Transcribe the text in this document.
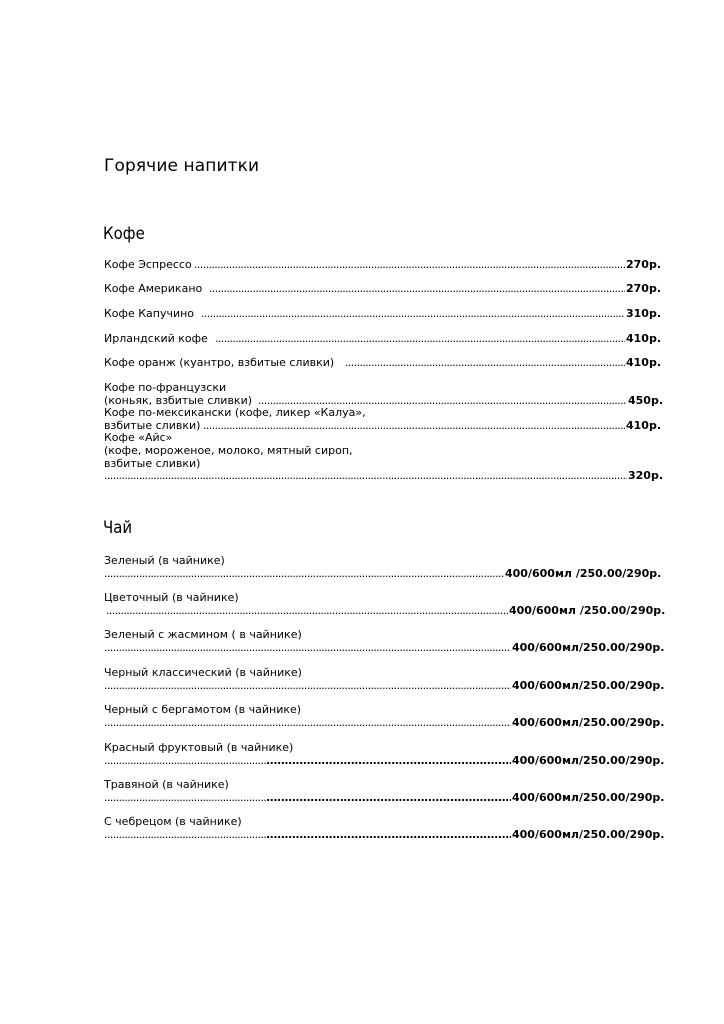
Горячие напитки
Кофе
Кофе Эспрессо .....	270р.
Кофе Американо .....	270р.
Кофе Капучино .....	310р.
Ирландский кофе .....	410р.
Кофе оранж (куантро, взбитые сливки) .....	410р.
Кофе по-французски
(коньяк, взбитые сливки) .....	450р.
Кофе по-мексикански (кофе, ликер «Калуа»,
взбитые сливки) .....	410р.
Кофе «Айс»
(кофе, мороженое, молоко, мятный сироп,
взбитые сливки)
.....
320р.
Чай
Зеленый (в чайнике)
.....
400/600мл /250.00/290р.
Цветочный (в чайнике)
.....
400/600мл /250.00/290р.
Зеленый с жасмином ( в чайнике)
.....
400/600мл/250.00/290р.
Черный классический (в чайнике)
.....
400/600мл/250.00/290р.
Черный с бергамотом (в чайнике)
.....
400/600мл/250.00/290р.
Красный фруктовый (в чайнике)
.....
.....
400/600мл/250.00/290р.
Травяной (в чайнике)
.....
.....
400/600мл/250.00/290р.
С чебрецом (в чайнике)
.....
.....
400/600мл/250.00/290р.
